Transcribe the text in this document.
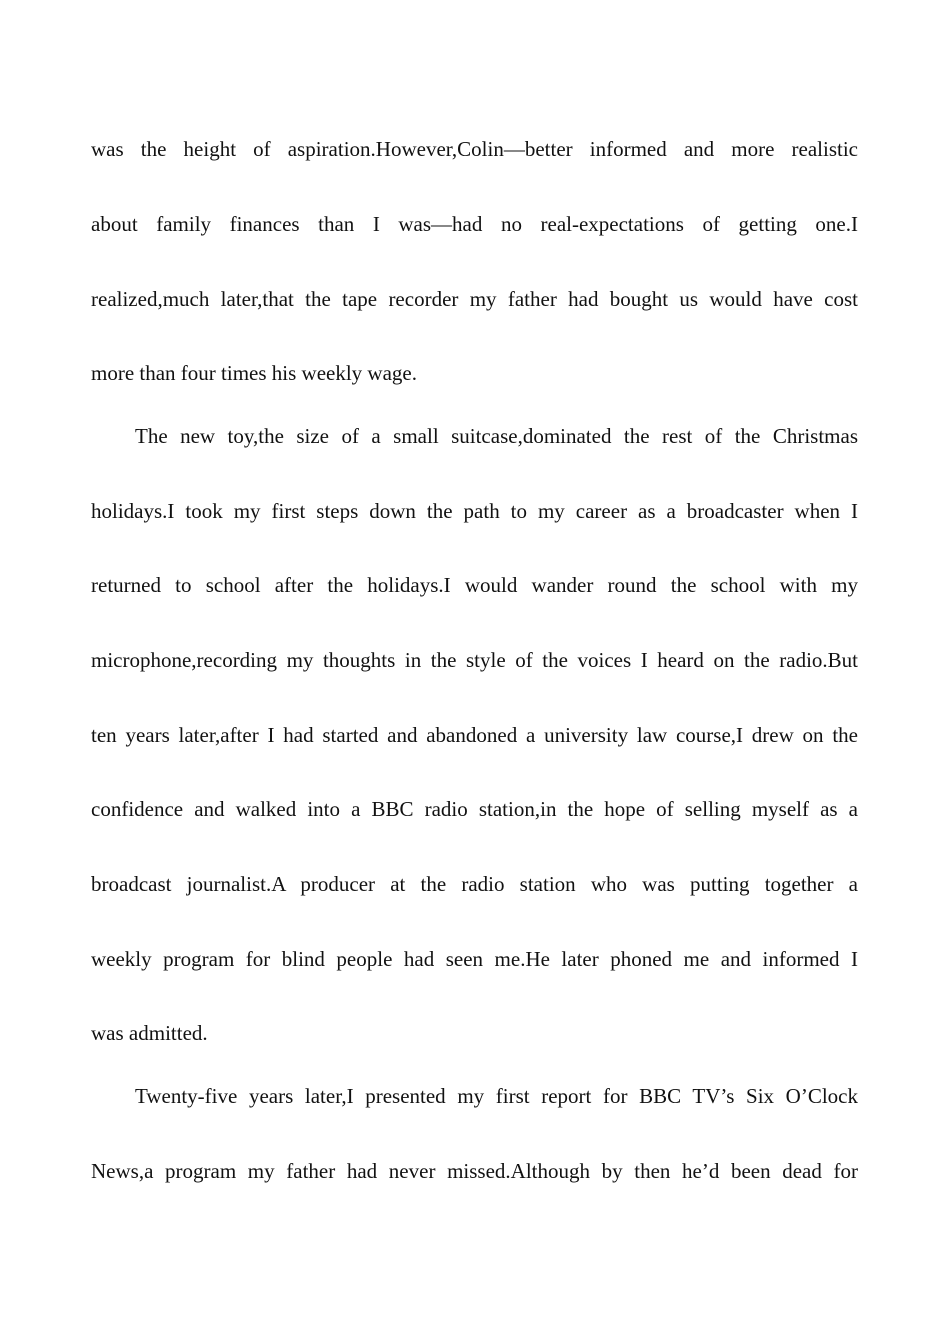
was the height of aspiration.However,Colin—better informed and more realistic
about family finances than I was—had no real-expectations of getting one.I
realized,much later,that the tape recorder my father had bought us would have cost
more than four times his weekly wage.
The new toy,the size of a small suitcase,dominated the rest of the Christmas
holidays.I took my first steps down the path to my career as a broadcaster when I
returned to school after the holidays.I would wander round the school with my
microphone,recording my thoughts in the style of the voices I heard on the radio.But
ten years later,after I had started and abandoned a university law course,I drew on the
confidence and walked into a BBC radio station,in the hope of selling myself as a
broadcast journalist.A producer at the radio station who was putting together a
weekly program for blind people had seen me.He later phoned me and informed I
was admitted.
Twenty-five years later,I presented my first report for BBC TV’s Six O’Clock
News,a program my father had never missed.Although by then he’d been dead for
